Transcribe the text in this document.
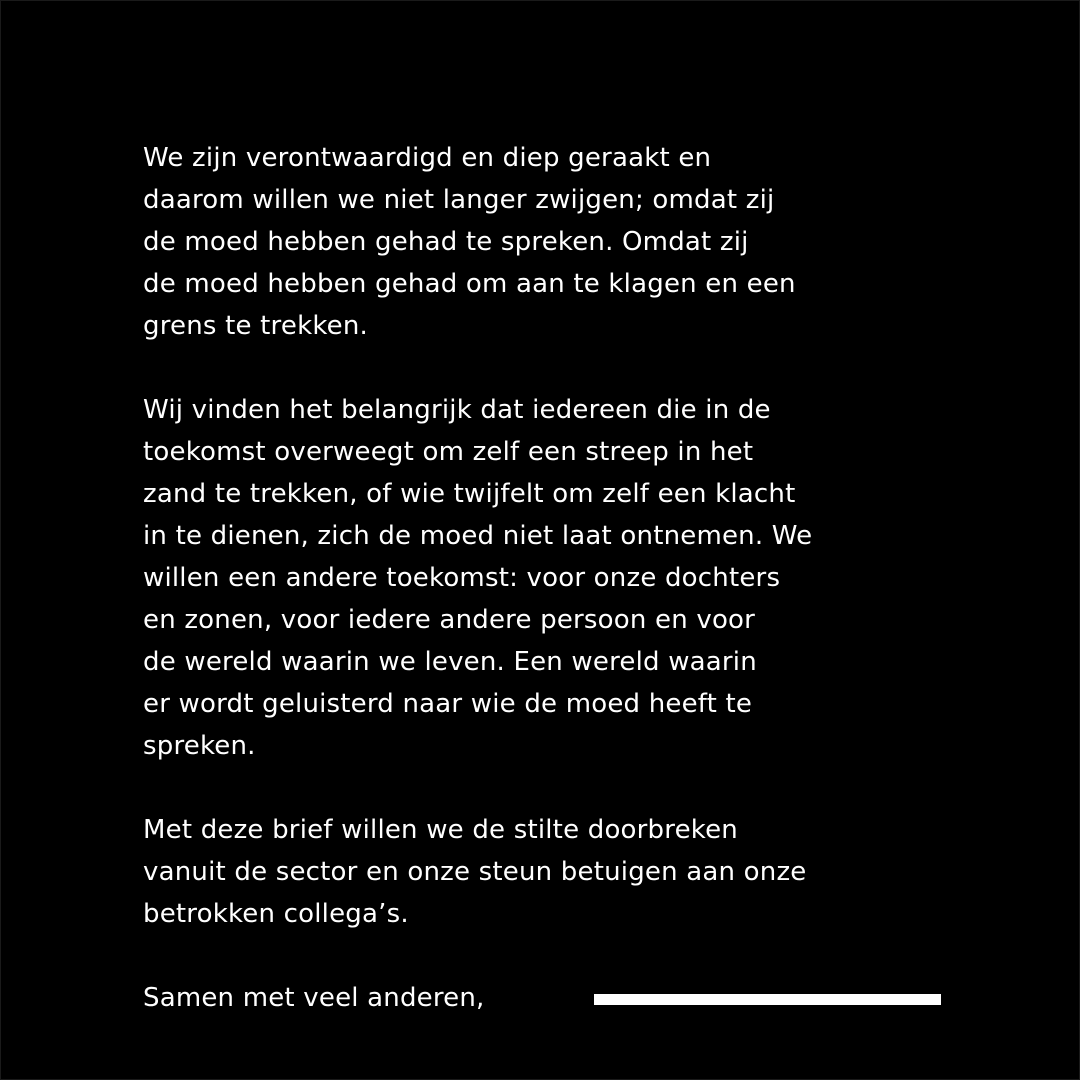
We zijn verontwaardigd en diep geraakt en
daarom willen we niet langer zwijgen; omdat zij
de moed hebben gehad te spreken. Omdat zij
de moed hebben gehad om aan te klagen en een
grens te trekken.
Wij vinden het belangrijk dat iedereen die in de
toekomst overweegt om zelf een streep in het
zand te trekken, of wie twijfelt om zelf een klacht
in te dienen, zich de moed niet laat ontnemen. We
willen een andere toekomst: voor onze dochters
en zonen, voor iedere andere persoon en voor
de wereld waarin we leven. Een wereld waarin
er wordt geluisterd naar wie de moed heeft te
spreken.
Met deze brief willen we de stilte doorbreken
vanuit de sector en onze steun betuigen aan onze
betrokken collega’s.
Samen met veel anderen,
